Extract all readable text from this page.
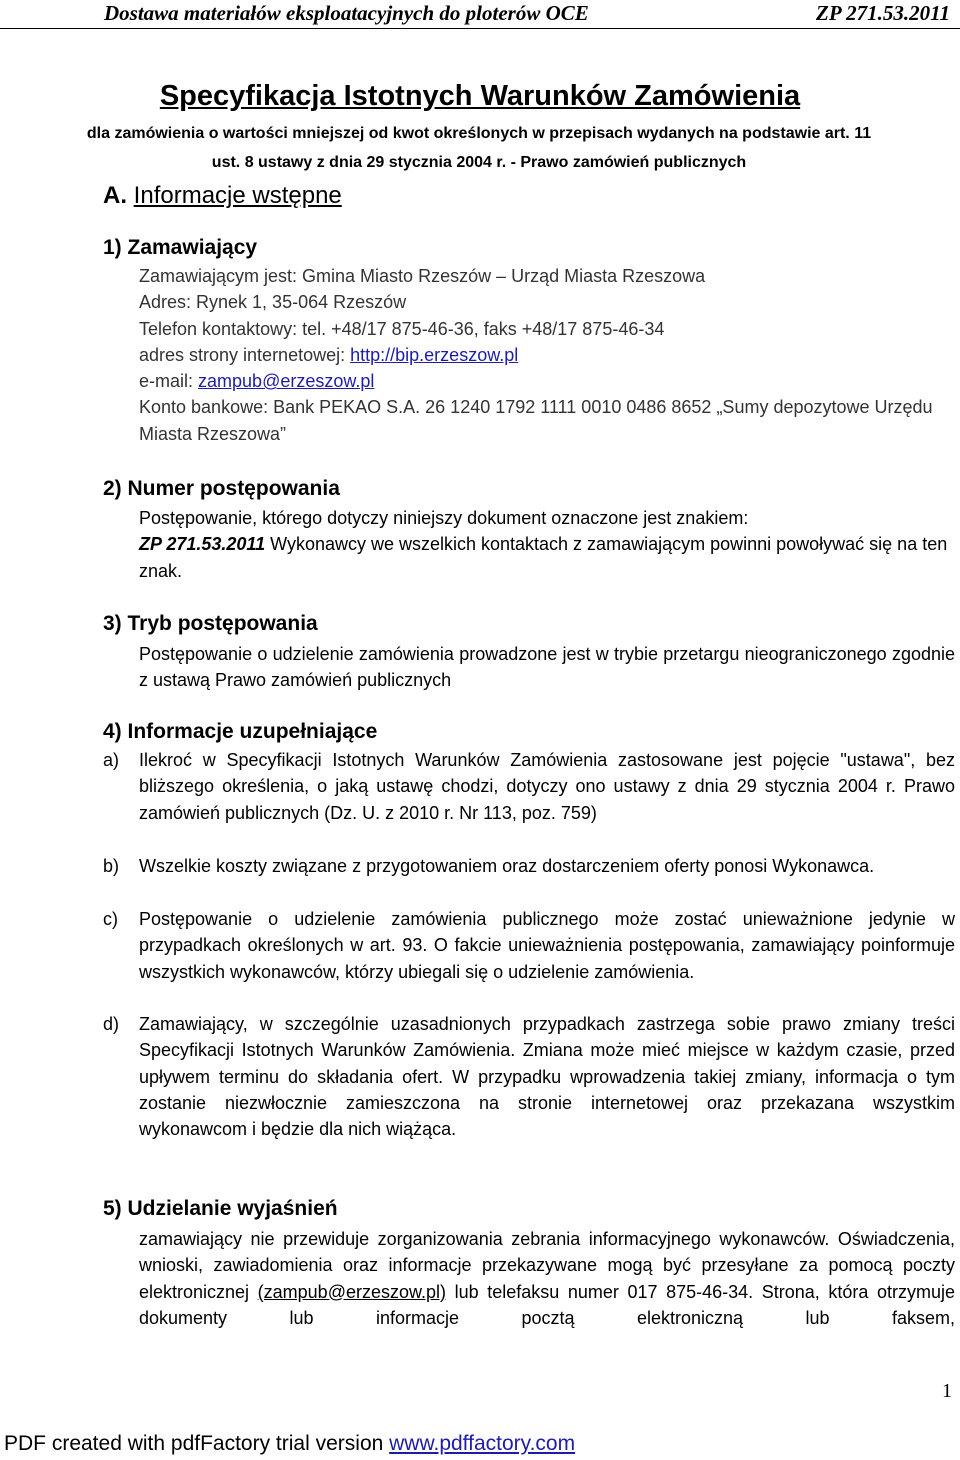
Dostawa materiałów eksploatacyjnych do ploterów OCE	ZP 271.53.2011
Specyfikacja Istotnych Warunków Zamówienia
dla zamówienia o wartości mniejszej od kwot określonych w przepisach wydanych na podstawie art. 11 ust. 8 ustawy z dnia 29 stycznia 2004 r. - Prawo zamówień publicznych
A. Informacje wstępne
1) Zamawiający
Zamawiającym jest: Gmina Miasto Rzeszów – Urząd Miasta Rzeszowa
Adres: Rynek 1, 35-064 Rzeszów
Telefon kontaktowy: tel. +48/17 875-46-36, faks +48/17 875-46-34
adres strony internetowej: http://bip.erzeszow.pl
e-mail: zampub@erzeszow.pl
Konto bankowe: Bank PEKAO S.A. 26 1240 1792 1111 0010 0486 8652 „Sumy depozytowe Urzędu Miasta Rzeszowa”
2) Numer postępowania
Postępowanie, którego dotyczy niniejszy dokument oznaczone jest znakiem:
ZP 271.53.2011 Wykonawcy we wszelkich kontaktach z zamawiającym powinni powoływać się na ten znak.
3) Tryb postępowania
Postępowanie o udzielenie zamówienia prowadzone jest w trybie przetargu nieograniczonego zgodnie z ustawą Prawo zamówień publicznych
4) Informacje uzupełniające
a) Ilekroć w Specyfikacji Istotnych Warunków Zamówienia zastosowane jest pojęcie "ustawa", bez bliższego określenia, o jaką ustawę chodzi, dotyczy ono ustawy z dnia 29 stycznia 2004 r. Prawo zamówień publicznych (Dz. U. z 2010 r. Nr 113, poz. 759)
b) Wszelkie koszty związane z przygotowaniem oraz dostarczeniem oferty ponosi Wykonawca.
c) Postępowanie o udzielenie zamówienia publicznego może zostać unieważnione jedynie w przypadkach określonych w art. 93. O fakcie unieważnienia postępowania, zamawiający poinformuje wszystkich wykonawców, którzy ubiegali się o udzielenie zamówienia.
d) Zamawiający, w szczególnie uzasadnionych przypadkach zastrzega sobie prawo zmiany treści Specyfikacji Istotnych Warunków Zamówienia. Zmiana może mieć miejsce w każdym czasie, przed upływem terminu do składania ofert. W przypadku wprowadzenia takiej zmiany, informacja o tym zostanie niezwłocznie zamieszczona na stronie internetowej oraz przekazana wszystkim wykonawcom i będzie dla nich wiążąca.
5) Udzielanie wyjaśnień
zamawiający nie przewiduje zorganizowania zebrania informacyjnego wykonawców. Oświadczenia, wnioski, zawiadomienia oraz informacje przekazywane mogą być przesyłane za pomocą poczty elektronicznej (zampub@erzeszow.pl) lub telefaksu numer 017 875-46-34. Strona, która otrzymuje dokumenty lub informacje pocztą elektroniczną lub faksem,
1
PDF created with pdfFactory trial version www.pdffactory.com
